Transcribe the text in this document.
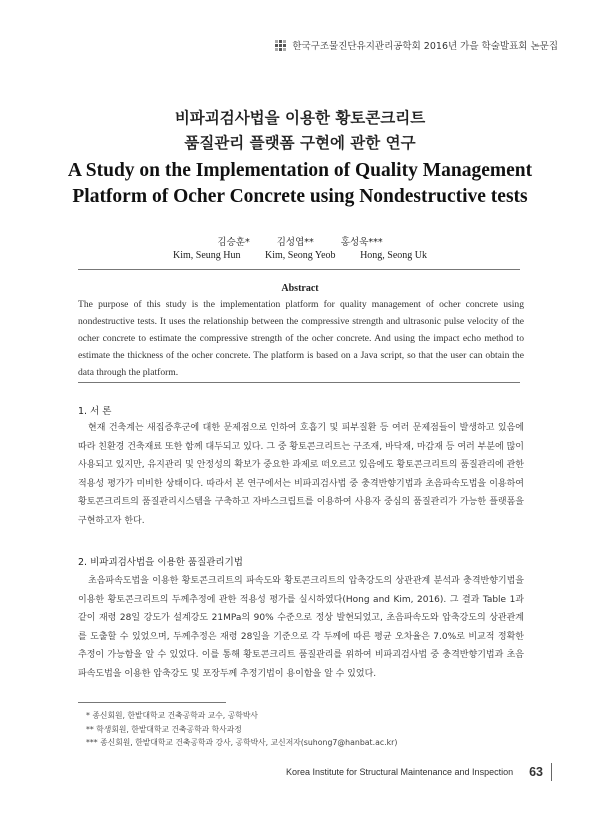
한국구조물진단유지관리공학회 2016년 가을 학술발표회 논문집
비파괴검사법을 이용한 황토콘크리트
품질관리 플랫폼 구현에 관한 연구
A Study on the Implementation of Quality Management
Platform of Ocher Concrete using Nondestructive tests
김승훈*	김성엽**	홍성욱***
Kim, Seung Hun Kim, Seong Yeob Hong, Seong Uk
Abstract
The purpose of this study is the implementation platform for quality management of ocher concrete using nondestructive tests. It uses the relationship between the compressive strength and ultrasonic pulse velocity of the ocher concrete to estimate the compressive strength of the ocher concrete. And using the impact echo method to estimate the thickness of the ocher concrete. The platform is based on a Java script, so that the user can obtain the data through the platform.
1. 서 론
현재 건축계는 새집증후군에 대한 문제점으로 인하여 호흡기 및 피부질환 등 여러 문제점들이 발생하고 있음에 따라 친환경 건축재료 또한 함께 대두되고 있다. 그 중 황토콘크리트는 구조재, 바닥재, 마감재 등 여러 부분에 많이 사용되고 있지만, 유지관리 및 안정성의 확보가 중요한 과제로 떠오르고 있음에도 황토콘크리트의 품질관리에 관한 적용성 평가가 미비한 상태이다. 따라서 본 연구에서는 비파괴검사법 중 충격반향기법과 초음파속도법을 이용하여 황토콘크리트의 품질관리시스템을 구축하고 자바스크립트를 이용하여 사용자 중심의 품질관리가 가능한 플랫폼을 구현하고자 한다.
2. 비파괴검사법을 이용한 품질관리기법
초음파속도법을 이용한 황토콘크리트의 파속도와 황토콘크리트의 압축강도의 상관관계 분석과 충격반향기법을 이용한 황토콘크리트의 두께추정에 관한 적용성 평가를 실시하였다(Hong and Kim, 2016). 그 결과 Table 1과 같이 재령 28일 강도가 설계강도 21MPa의 90% 수준으로 정상 발현되었고, 초음파속도와 압축강도의 상관관계를 도출할 수 있었으며, 두께추정은 재령 28일을 기준으로 각 두께에 따른 평균 오차율은 7.0%로 비교적 정확한 추정이 가능함을 알 수 있었다. 이를 통해 황토콘크리트 품질관리를 위하여 비파괴검사법 중 충격반향기법과 초음파속도법을 이용한 압축강도 및 포장두께 추정기법이 용이함을 알 수 있었다.
* 종신회원, 한밭대학교 건축공학과 교수, 공학박사
** 학생회원, 한밭대학교 건축공학과 학사과정
*** 종신회원, 한밭대학교 건축공학과 강사, 공학박사, 교신저자(suhong7@hanbat.ac.kr)
Korea Institute for Structural Maintenance and Inspection 63
